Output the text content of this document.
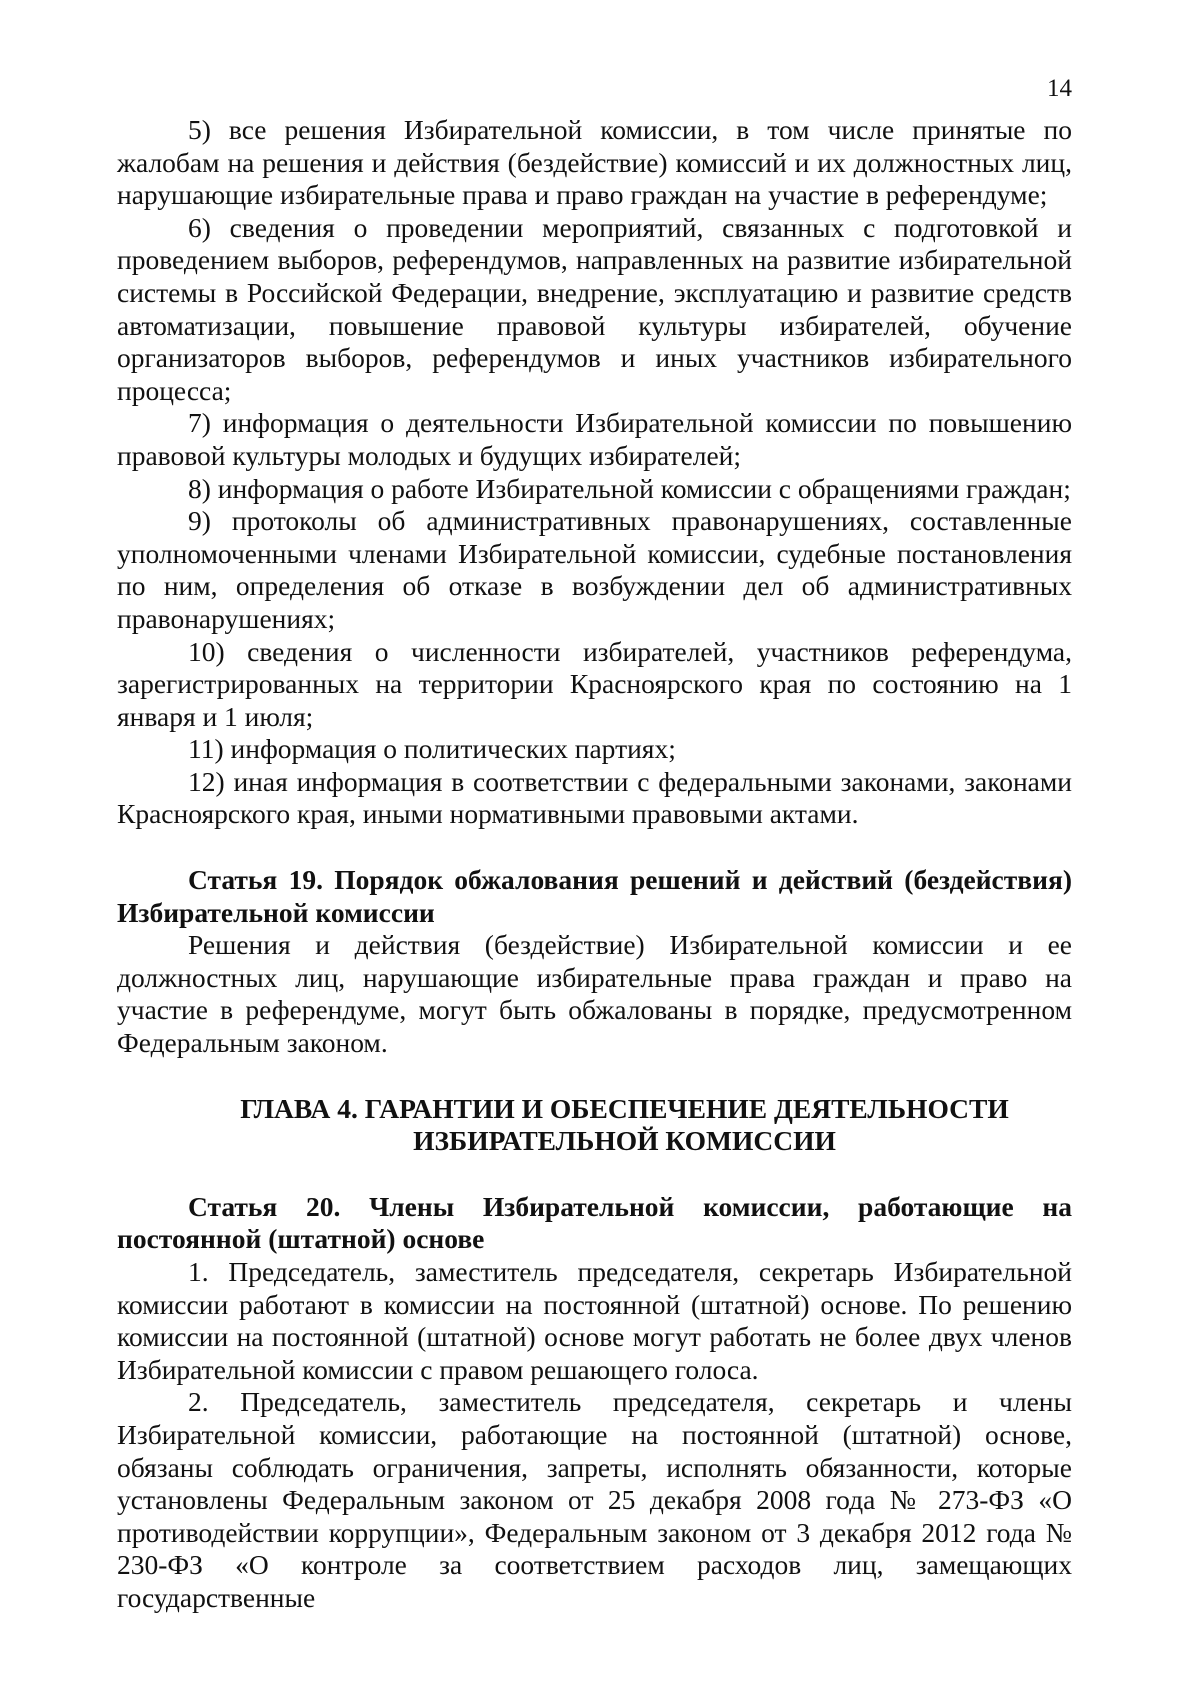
14

5) все решения Избирательной комиссии, в том числе принятые по жалобам на решения и действия (бездействие) комиссий и их должностных лиц, нарушающие избирательные права и право граждан на участие в референдуме;

6) сведения о проведении мероприятий, связанных с подготовкой и проведением выборов, референдумов, направленных на развитие избирательной системы в Российской Федерации, внедрение, эксплуатацию и развитие средств автоматизации, повышение правовой культуры избирателей, обучение организаторов выборов, референдумов и иных участников избирательного процесса;

7) информация о деятельности Избирательной комиссии по повышению правовой культуры молодых и будущих избирателей;

8) информация о работе Избирательной комиссии с обращениями граждан;

9) протоколы об административных правонарушениях, составленные уполномоченными членами Избирательной комиссии, судебные постановления по ним, определения об отказе в возбуждении дел об административных правонарушениях;

10) сведения о численности избирателей, участников референдума, зарегистрированных на территории Красноярского края по состоянию на 1 января и 1 июля;

11) информация о политических партиях;

12) иная информация в соответствии с федеральными законами, законами Красноярского края, иными нормативными правовыми актами.

Статья 19. Порядок обжалования решений и действий (бездействия) Избирательной комиссии

Решения и действия (бездействие) Избирательной комиссии и ее должностных лиц, нарушающие избирательные права граждан и право на участие в референдуме, могут быть обжалованы в порядке, предусмотренном Федеральным законом.

ГЛАВА 4. ГАРАНТИИ И ОБЕСПЕЧЕНИЕ ДЕЯТЕЛЬНОСТИ
ИЗБИРАТЕЛЬНОЙ КОМИССИИ

Статья 20. Члены Избирательной комиссии, работающие на постоянной (штатной) основе

1. Председатель, заместитель председателя, секретарь Избирательной комиссии работают в комиссии на постоянной (штатной) основе. По решению комиссии на постоянной (штатной) основе могут работать не более двух членов Избирательной комиссии с правом решающего голоса.

2. Председатель, заместитель председателя, секретарь и члены Избирательной комиссии, работающие на постоянной (штатной) основе, обязаны соблюдать ограничения, запреты, исполнять обязанности, которые установлены Федеральным законом от 25 декабря 2008 года № 273-ФЗ «О противодействии коррупции», Федеральным законом от 3 декабря 2012 года № 230-ФЗ «О контроле за соответствием расходов лиц, замещающих государственные
